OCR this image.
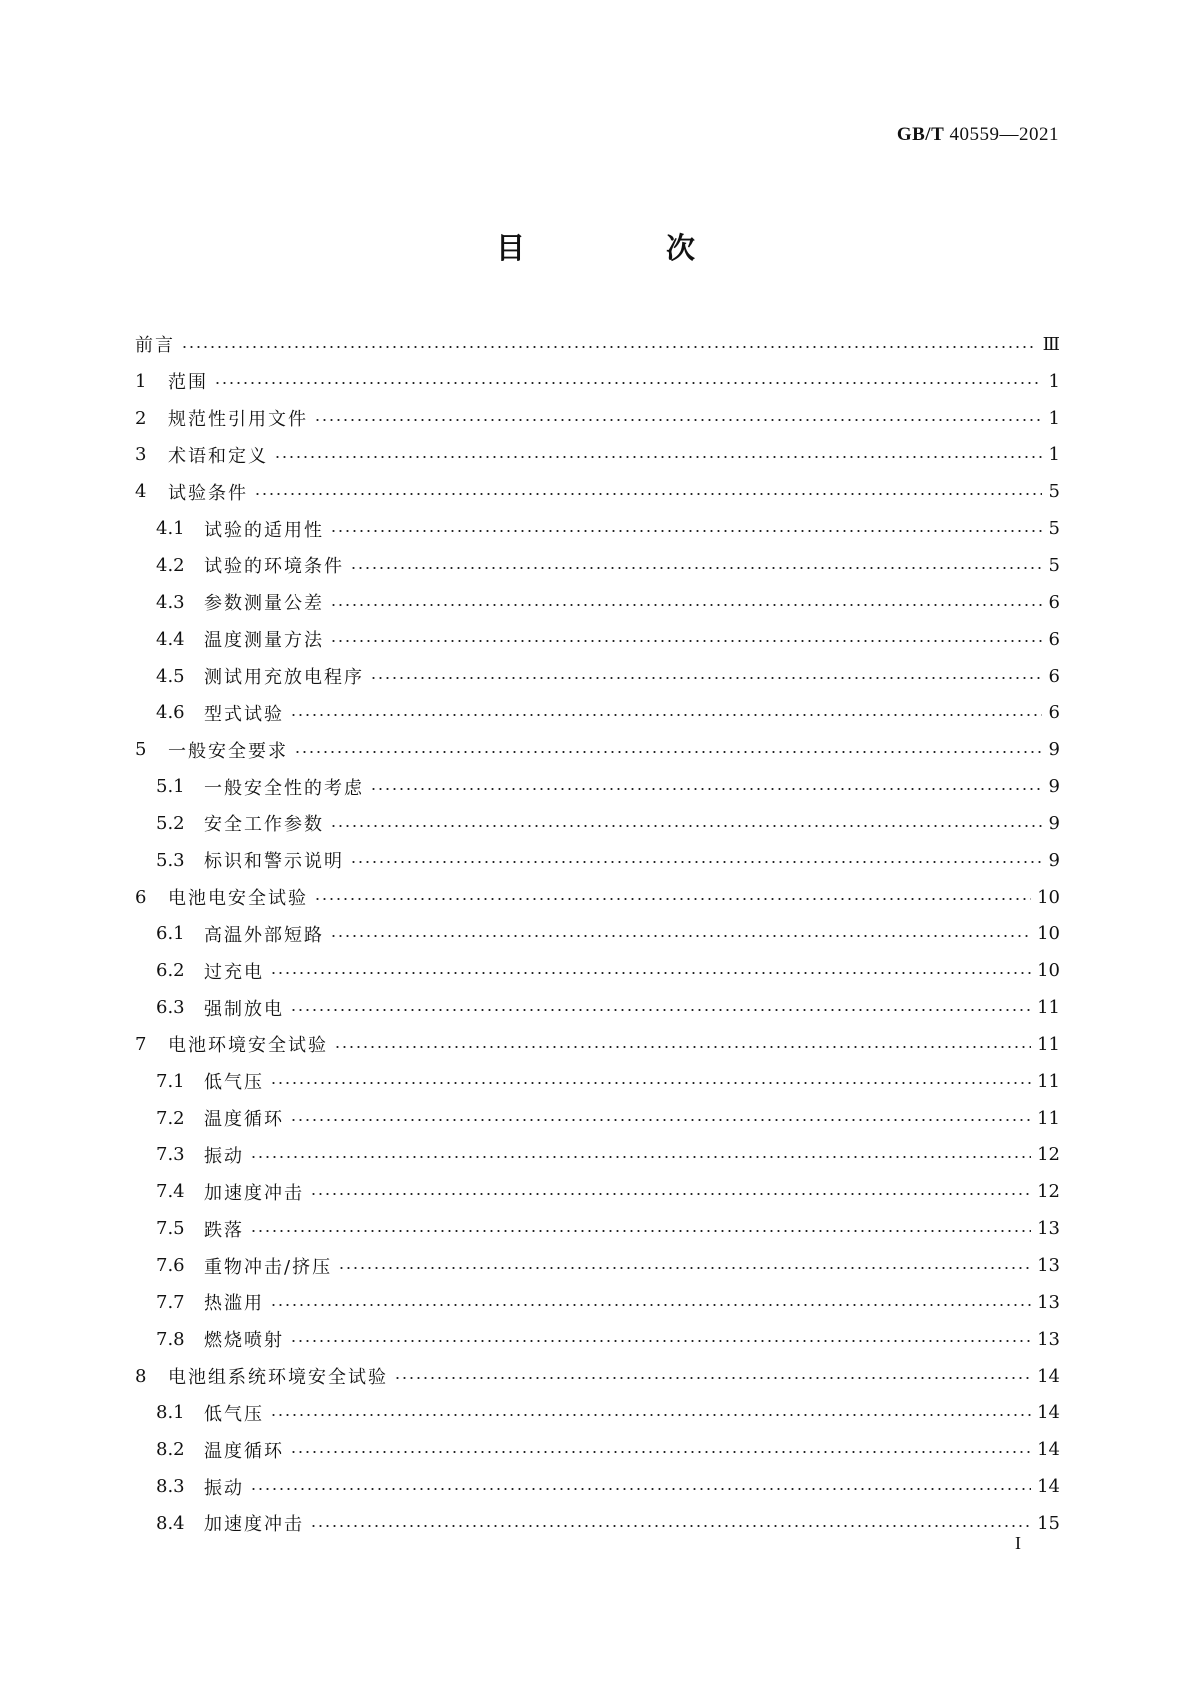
GB/T 40559—2021
目　次
前言	Ⅲ
1	范围	1
2	规范性引用文件	1
3	术语和定义	1
4	试验条件	5
4.1	试验的适用性	5
4.2	试验的环境条件	5
4.3	参数测量公差	6
4.4	温度测量方法	6
4.5	测试用充放电程序	6
4.6	型式试验	6
5	一般安全要求	9
5.1	一般安全性的考虑	9
5.2	安全工作参数	9
5.3	标识和警示说明	9
6	电池电安全试验	10
6.1	高温外部短路	10
6.2	过充电	10
6.3	强制放电	11
7	电池环境安全试验	11
7.1	低气压	11
7.2	温度循环	11
7.3	振动	12
7.4	加速度冲击	12
7.5	跌落	13
7.6	重物冲击/挤压	13
7.7	热滥用	13
7.8	燃烧喷射	13
8	电池组系统环境安全试验	14
8.1	低气压	14
8.2	温度循环	14
8.3	振动	14
8.4	加速度冲击	15
I
